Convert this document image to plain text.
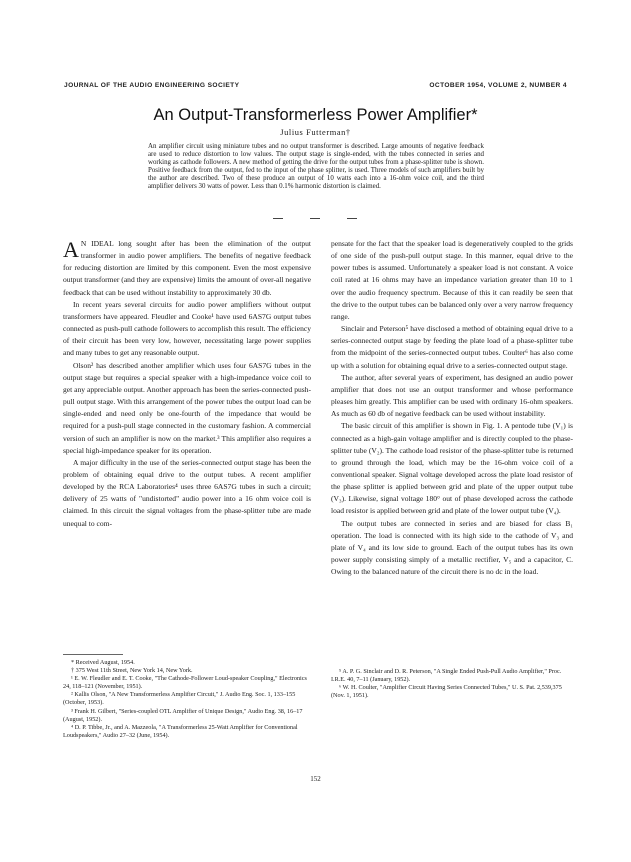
JOURNAL OF THE AUDIO ENGINEERING SOCIETY	OCTOBER 1954, VOLUME 2, NUMBER 4
An Output-Transformerless Power Amplifier*
Julius Futterman†
An amplifier circuit using miniature tubes and no output transformer is described. Large amounts of negative feedback are used to reduce distortion to low values. The output stage is single-ended, with the tubes connected in series and working as cathode followers. A new method of getting the drive for the output tubes from a phase-splitter tube is shown. Positive feedback from the output, fed to the input of the phase splitter, is used. Three models of such amplifiers built by the author are described. Two of these produce an output of 10 watts each into a 16-ohm voice coil, and the third amplifier delivers 30 watts of power. Less than 0.1% harmonic distortion is claimed.

A N IDEAL long sought after has been the elimination of the output transformer in audio power amplifiers. The benefits of negative feedback for reducing distortion are limited by this component. Even the most expensive output transformer (and they are expensive) limits the amount of over-all negative feedback that can be used without instability to approximately 30 db.

In recent years several circuits for audio power amplifiers without output transformers have appeared. Fleudler and Cooke¹ have used 6AS7G output tubes connected as push-pull cathode followers to accomplish this result. The efficiency of their circuit has been very low, however, necessitating large power supplies and many tubes to get any reasonable output.

Olson² has described another amplifier which uses four 6AS7G tubes in the output stage but requires a special speaker with a high-impedance voice coil to get any appreciable output. Another approach has been the series-connected push-pull output stage. With this arrangement of the power tubes the output load can be single-ended and need only be one-fourth of the impedance that would be required for a push-pull stage connected in the customary fashion. A commercial version of such an amplifier is now on the market.³ This amplifier also requires a special high-impedance speaker for its operation.

A major difficulty in the use of the series-connected output stage has been the problem of obtaining equal drive to the output tubes. A recent amplifier developed by the RCA Laboratories⁴ uses three 6AS7G tubes in such a circuit; delivery of 25 watts of "undistorted" audio power into a 16 ohm voice coil is claimed. In this circuit the signal voltages from the phase-splitter tube are made unequal to com-

pensate for the fact that the speaker load is degeneratively coupled to the grids of one side of the push-pull output stage. In this manner, equal drive to the power tubes is assumed. Unfortunately a speaker load is not constant. A voice coil rated at 16 ohms may have an impedance variation greater than 10 to 1 over the audio frequency spectrum. Because of this it can readily be seen that the drive to the output tubes can be balanced only over a very narrow frequency range.

Sinclair and Peterson⁵ have disclosed a method of obtaining equal drive to a series-connected output stage by feeding the plate load of a phase-splitter tube from the midpoint of the series-connected output tubes. Coulter⁶ has also come up with a solution for obtaining equal drive to a series-connected output stage.

The author, after several years of experiment, has designed an audio power amplifier that does not use an output transformer and whose performance pleases him greatly. This amplifier can be used with ordinary 16-ohm speakers. As much as 60 db of negative feedback can be used without instability.

The basic circuit of this amplifier is shown in Fig. 1. A pentode tube (V₁) is connected as a high-gain voltage amplifier and is directly coupled to the phase-splitter tube (V₂). The cathode load resistor of the phase-splitter tube is returned to ground through the load, which may be the 16-ohm voice coil of a conventional speaker. Signal voltage developed across the plate load resistor of the phase splitter is applied between grid and plate of the upper output tube (V₃). Likewise, signal voltage 180° out of phase developed across the cathode load resistor is applied between grid and plate of the lower output tube (V₄).

The output tubes are connected in series and are biased for class B₁ operation. The load is connected with its high side to the cathode of V₃ and plate of V₄ and its low side to ground. Each of the output tubes has its own power supply consisting simply of a metallic rectifier, V₅ and a capacitor, C. Owing to the balanced nature of the circuit there is no dc in the load.

* Received August, 1954.
† 375 West 11th Street, New York 14, New York.
¹ E. W. Fleudler and E. T. Cooke, "The Cathode-Follower Loud-speaker Coupling," Electronics 24, 118–121 (November, 1951).
² Kallis Olson, "A New Transformerless Amplifier Circuit," J. Audio Eng. Soc. 1, 133–155 (October, 1953).
³ Frank H. Gilbert, "Series-coupled OTL Amplifier of Unique Design," Audio Eng. 38, 16–17 (August, 1952).
⁴ D. P. Tibbe, Jr., and A. Mazzeola, "A Transformerless 25-Watt Amplifier for Conventional Loudspeakers," Audio 27–32 (June, 1954).
⁵ A. P. G. Sinclair and D. R. Peterson, "A Single Ended Push-Pull Audio Amplifier," Proc. I.R.E. 40, 7–11 (January, 1952).
⁶ W. H. Coulter, "Amplifier Circuit Having Series Connected Tubes," U. S. Pat. 2,539,375 (Nov. 1, 1951).
152
